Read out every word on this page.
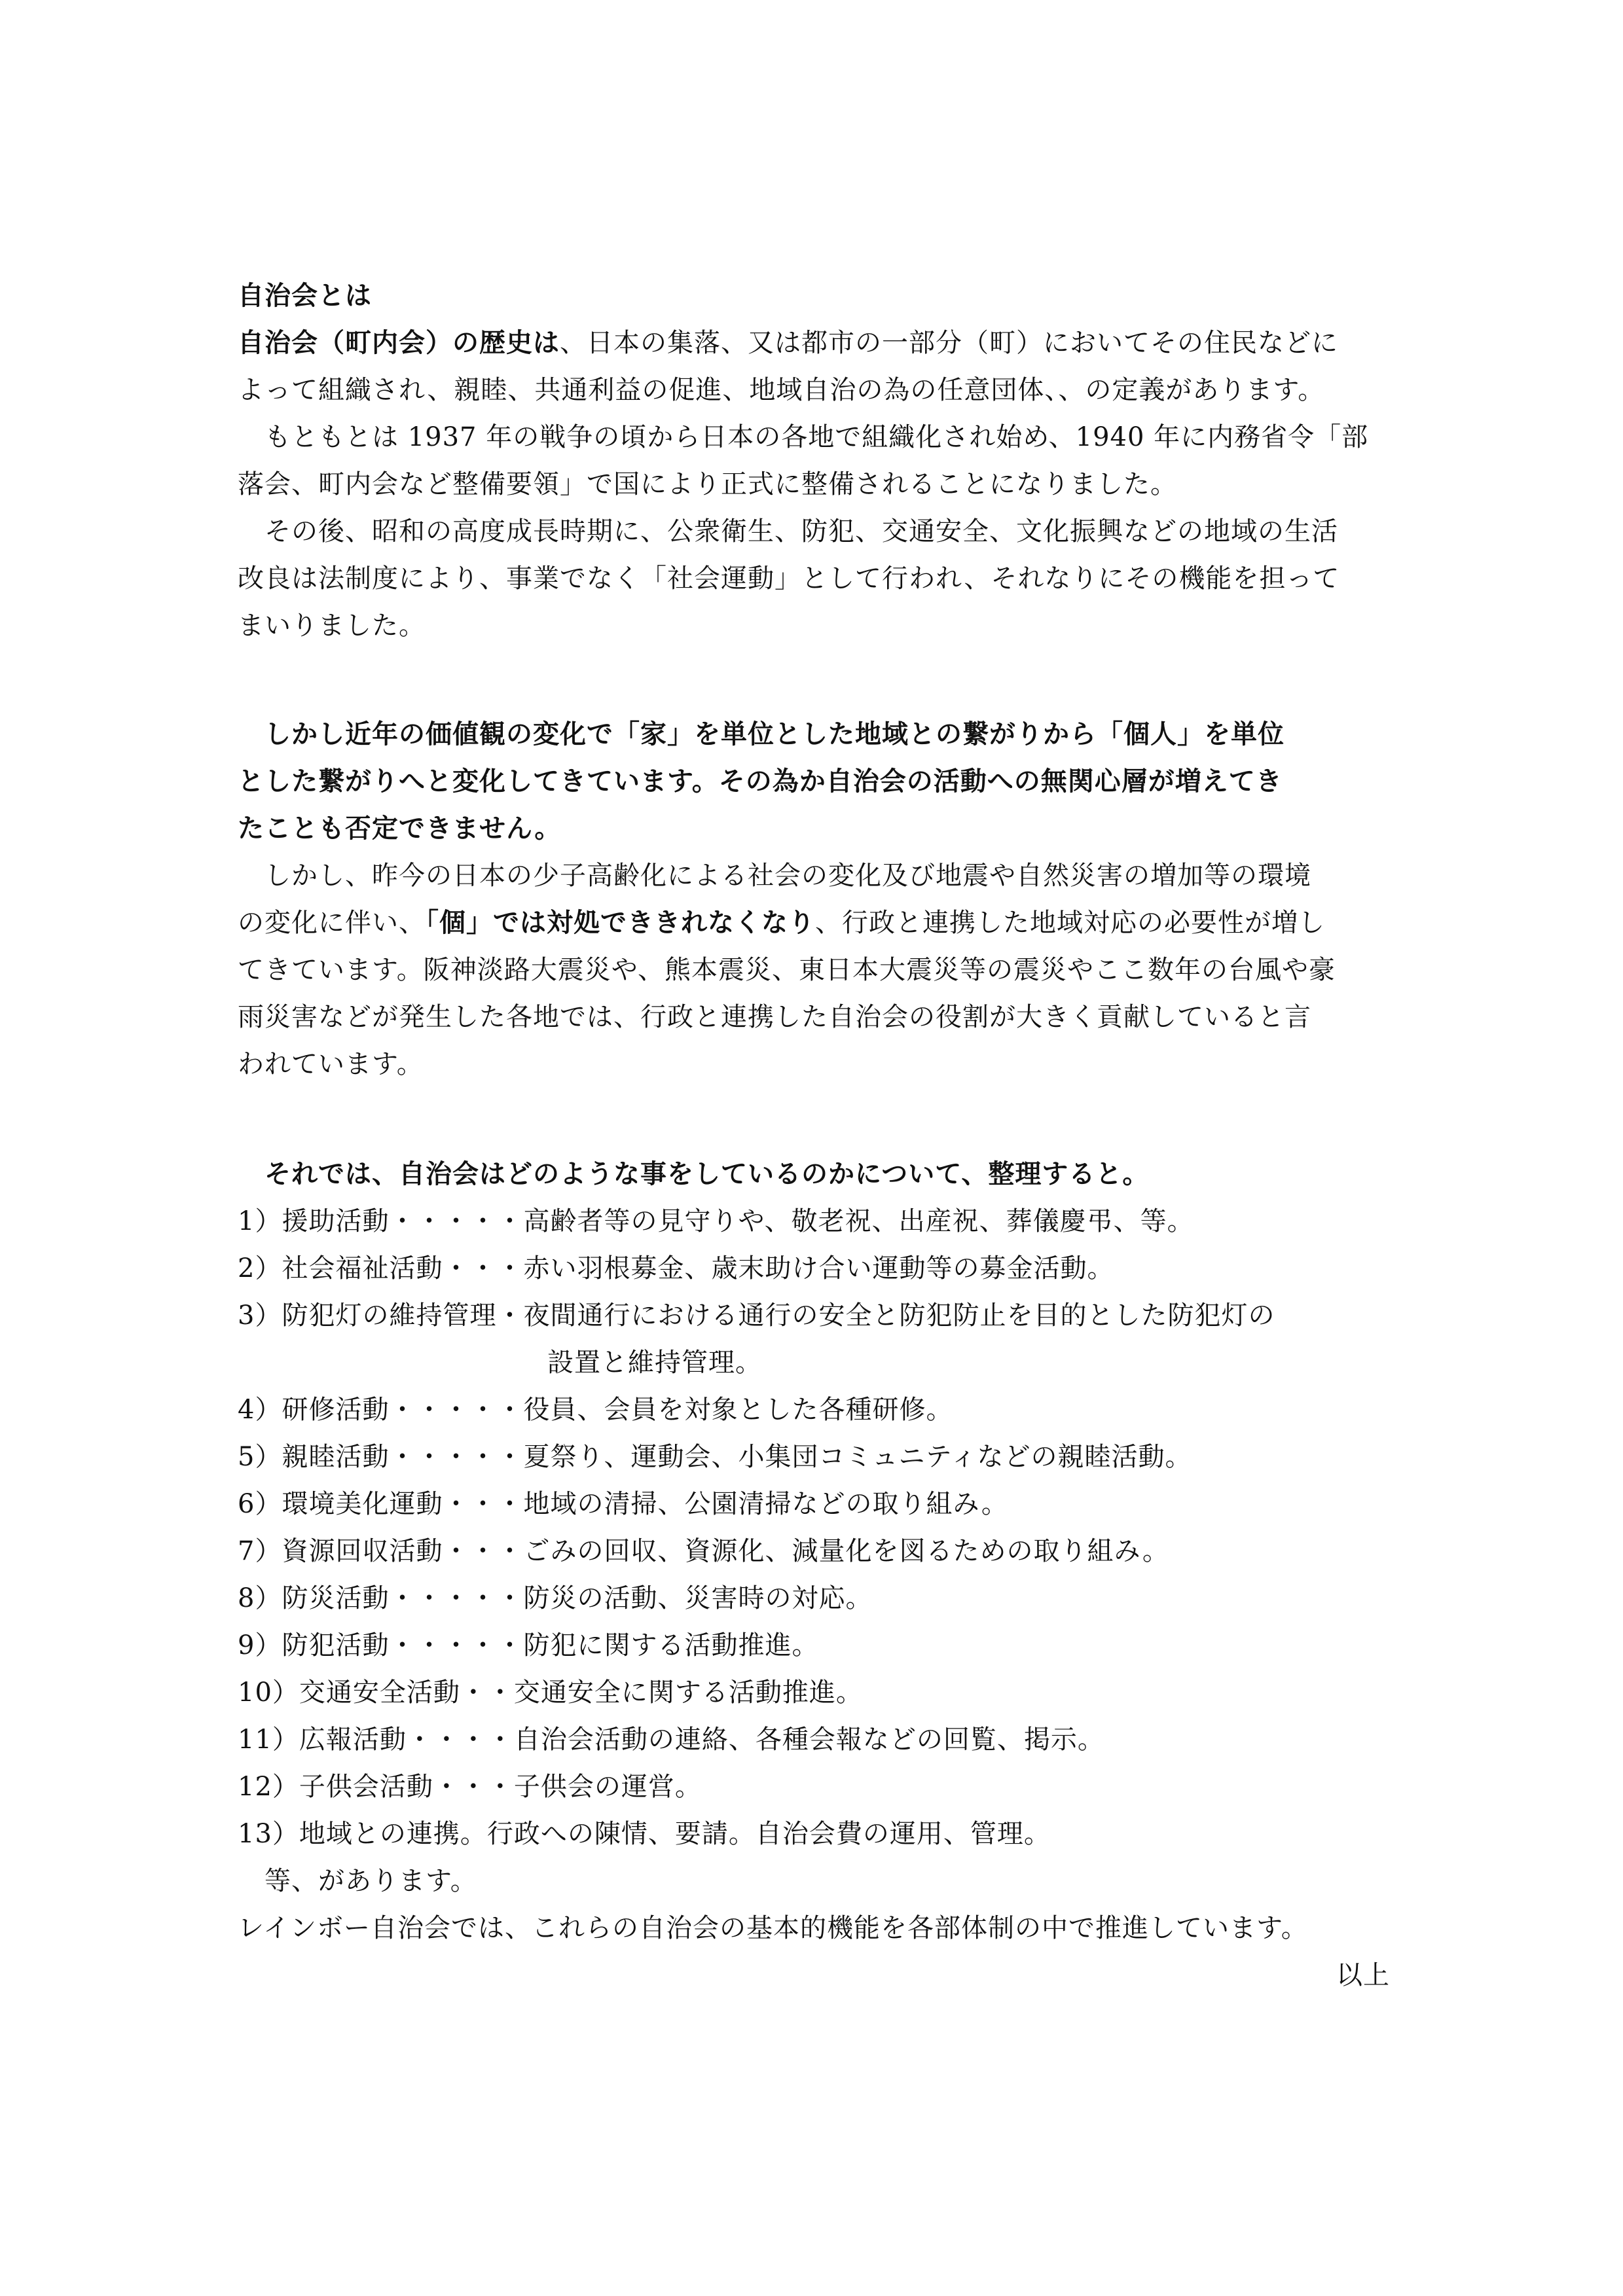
自治会とは
自治会（町内会）の歴史は、日本の集落、又は都市の一部分（町）においてその住民などに
よって組織され、親睦、共通利益の促進、地域自治の為の任意団体、、の定義があります。
　もともとは 1937 年の戦争の頃から日本の各地で組織化され始め、1940 年に内務省令「部
落会、町内会など整備要領」で国により正式に整備されることになりました。
　その後、昭和の高度成長時期に、公衆衛生、防犯、交通安全、文化振興などの地域の生活
改良は法制度により、事業でなく「社会運動」として行われ、それなりにその機能を担って
まいりました。
　しかし近年の価値観の変化で「家」を単位とした地域との繋がりから「個人」を単位
とした繋がりへと変化してきています。その為か自治会の活動への無関心層が増えてき
たことも否定できません。
　しかし、昨今の日本の少子高齢化による社会の変化及び地震や自然災害の増加等の環境
の変化に伴い、「個」では対処でききれなくなり、行政と連携した地域対応の必要性が増し
てきています。阪神淡路大震災や、熊本震災、東日本大震災等の震災やここ数年の台風や豪
雨災害などが発生した各地では、行政と連携した自治会の役割が大きく貢献していると言
われています。
　それでは、自治会はどのような事をしているのかについて、整理すると。
1）援助活動・・・・・高齢者等の見守りや、敬老祝、出産祝、葬儀慶弔、等。
2）社会福祉活動・・・赤い羽根募金、歳末助け合い運動等の募金活動。
3）防犯灯の維持管理・夜間通行における通行の安全と防犯防止を目的とした防犯灯の
設置と維持管理。
4）研修活動・・・・・役員、会員を対象とした各種研修。
5）親睦活動・・・・・夏祭り、運動会、小集団コミュニティなどの親睦活動。
6）環境美化運動・・・地域の清掃、公園清掃などの取り組み。
7）資源回収活動・・・ごみの回収、資源化、減量化を図るための取り組み。
8）防災活動・・・・・防災の活動、災害時の対応。
9）防犯活動・・・・・防犯に関する活動推進。
10）交通安全活動・・交通安全に関する活動推進。
11）広報活動・・・・自治会活動の連絡、各種会報などの回覧、掲示。
12）子供会活動・・・子供会の運営。
13）地域との連携。行政への陳情、要請。自治会費の運用、管理。
　等、があります。
レインボー自治会では、これらの自治会の基本的機能を各部体制の中で推進しています。
以上
